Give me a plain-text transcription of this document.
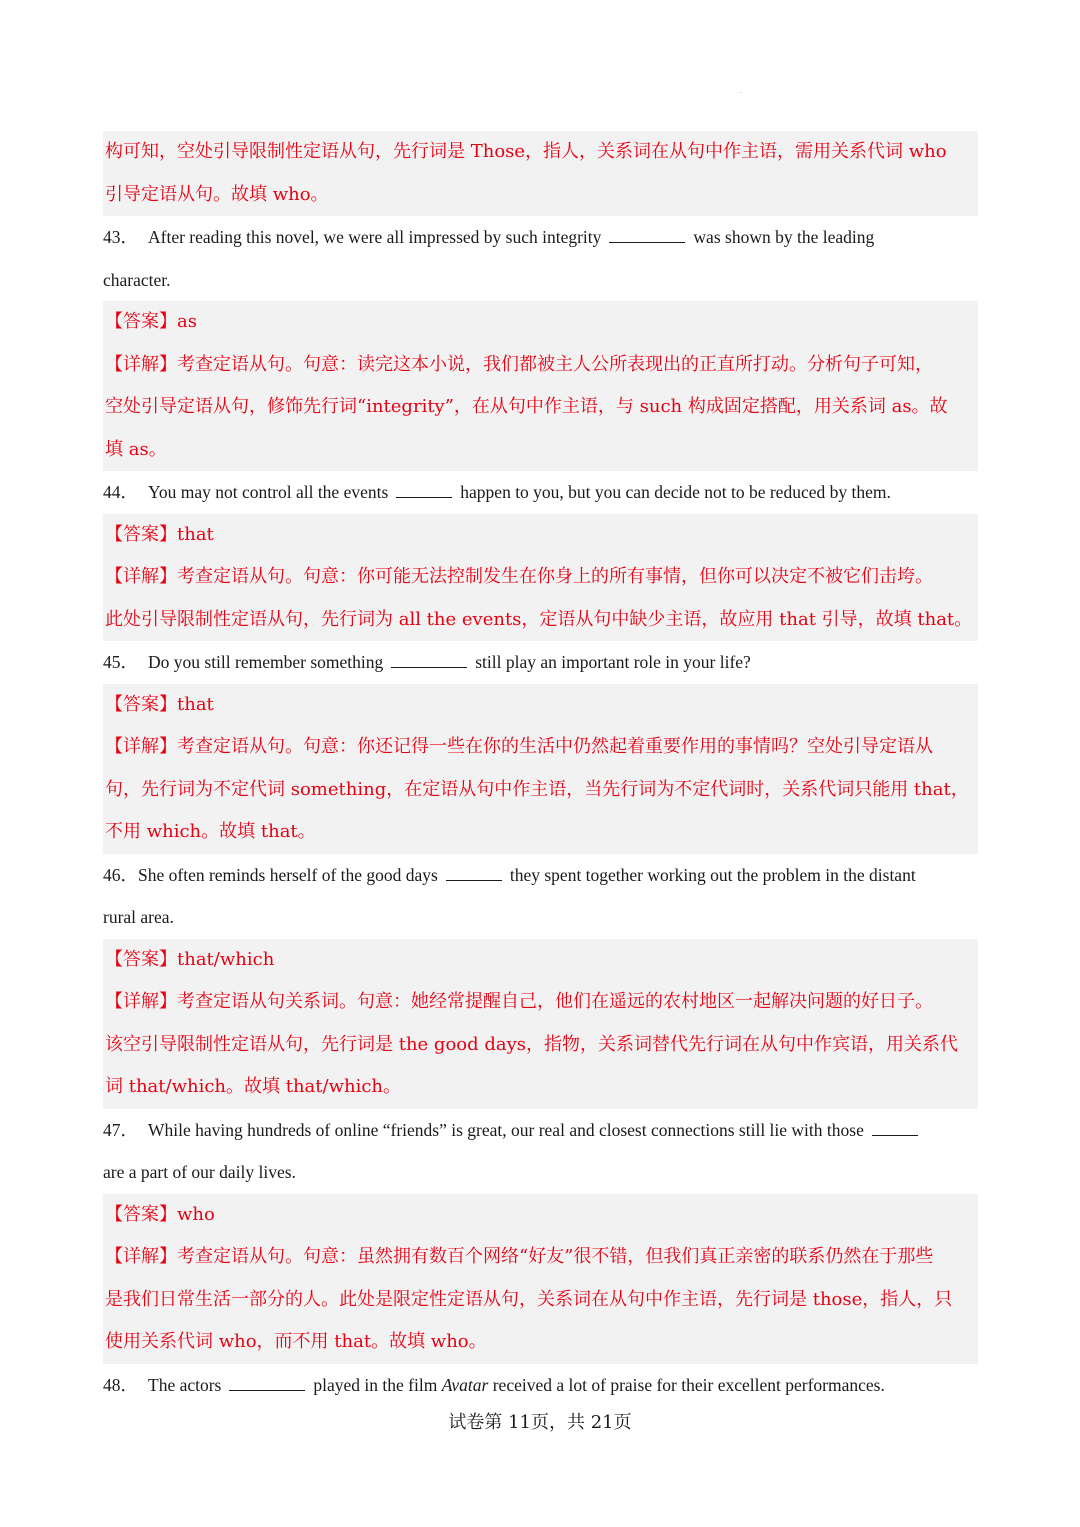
构可知，空处引导限制性定语从句，先行词是 Those，指人，关系词在从句中作主语，需用关系代词 who

引导定语从句。故填 who。

43． After reading this novel, we were all impressed by such integrity	was shown by the leading

character.

【答案】as

【详解】考查定语从句。句意：读完这本小说，我们都被主人公所表现出的正直所打动。分析句子可知，

空处引导定语从句，修饰先行词“integrity”，在从句中作主语，与 such 构成固定搭配，用关系词 as。故

填 as。

44． You may not control all the events	happen to you, but you can decide not to be reduced by them.

【答案】that

【详解】考查定语从句。句意：你可能无法控制发生在你身上的所有事情，但你可以决定不被它们击垮。

此处引导限制性定语从句，先行词为 all the events，定语从句中缺少主语，故应用 that 引导，故填 that。

45． Do you still remember something	still play an important role in your life?

【答案】that

【详解】考查定语从句。句意：你还记得一些在你的生活中仍然起着重要作用的事情吗？空处引导定语从

句，先行词为不定代词 something，在定语从句中作主语，当先行词为不定代词时，关系代词只能用 that，

不用 which。故填 that。

46．She often reminds herself of the good days	they spent together working out the problem in the distant

rural area.

【答案】that/which

【详解】考查定语从句关系词。句意：她经常提醒自己，他们在遥远的农村地区一起解决问题的好日子。

该空引导限制性定语从句，先行词是 the good days，指物，关系词替代先行词在从句中作宾语，用关系代

词 that/which。故填 that/which。

47． While having hundreds of online “friends” is great, our real and closest connections still lie with those

are a part of our daily lives.

【答案】who

【详解】考查定语从句。句意：虽然拥有数百个网络“好友”很不错，但我们真正亲密的联系仍然在于那些

是我们日常生活一部分的人。此处是限定性定语从句，关系词在从句中作主语，先行词是 those，指人，只

使用关系代词 who，而不用 that。故填 who。

48． The actors	played in the film Avatar received a lot of praise for their excellent performances.

试卷第 11页，共 21页
